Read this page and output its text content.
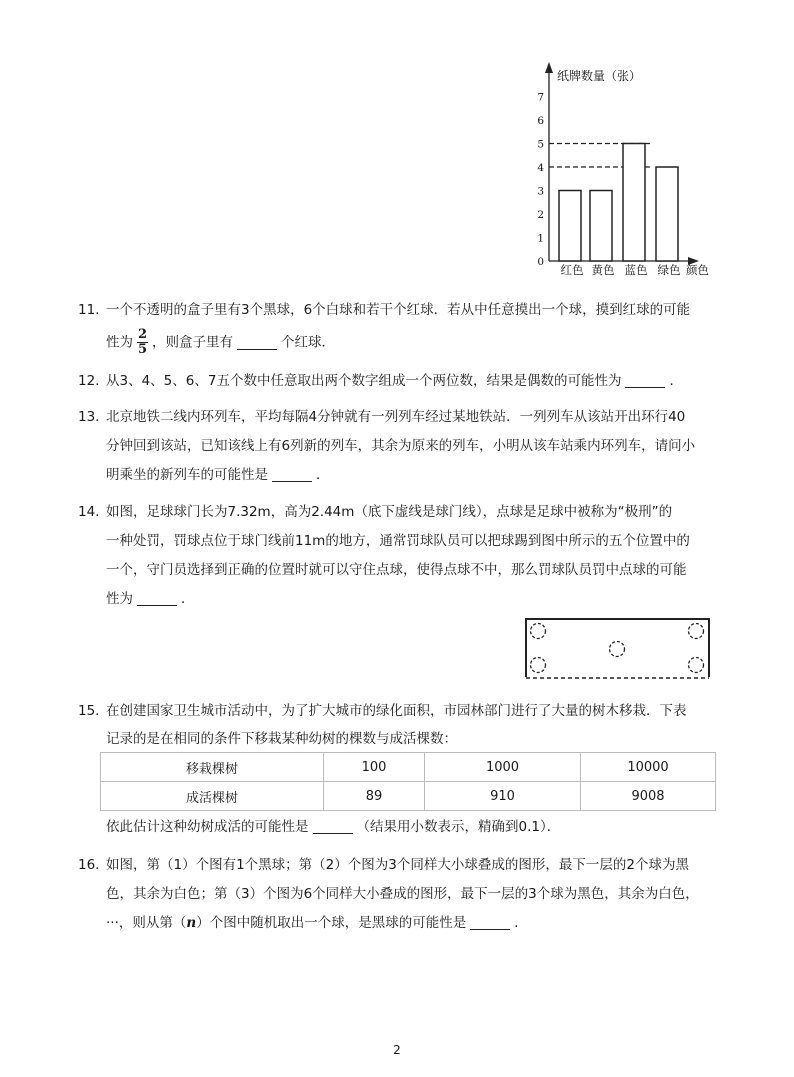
纸牌数量（张）
颜色
0
1
2
3
4
5
6
7
红色 黄色 蓝色 绿色
11. 一个不透明的盒子里有3个黑球，6个白球和若干个红球．若从中任意摸出一个球，摸到红球的可能
性为 $\frac{2}{5}$ ，则盒子里有	个红球．
12. 从3、4、5、6、7五个数中任意取出两个数字组成一个两位数，结果是偶数的可能性为	．
13. 北京地铁二线内环列车，平均每隔4分钟就有一列列车经过某地铁站．一列列车从该站开出环行40
分钟回到该站，已知该线上有6列新的列车，其余为原来的列车，小明从该车站乘内环列车，请问小
明乘坐的新列车的可能性是	．
14. 如图，足球球门长为7.32m，高为2.44m（底下虚线是球门线），点球是足球中被称为“极刑”的
一种处罚，罚球点位于球门线前11m的地方，通常罚球队员可以把球踢到图中所示的五个位置中的
一个，守门员选择到正确的位置时就可以守住点球，使得点球不中，那么罚球队员罚中点球的可能
性为	．
15. 在创建国家卫生城市活动中，为了扩大城市的绿化面积，市园林部门进行了大量的树木移栽．下表
记录的是在相同的条件下移栽某种幼树的棵数与成活棵数：
移栽棵树	100	1000	10000
成活棵树	89	910	9008
依此估计这种幼树成活的可能性是	（结果用小数表示，精确到0.1）．
16. 如图，第（1）个图有1个黑球；第（2）个图为3个同样大小球叠成的图形，最下一层的2个球为黑
色，其余为白色；第（3）个图为6个同样大小叠成的图形，最下一层的3个球为黑色，其余为白色，
···，则从第（n）个图中随机取出一个球，是黑球的可能性是	．
2
